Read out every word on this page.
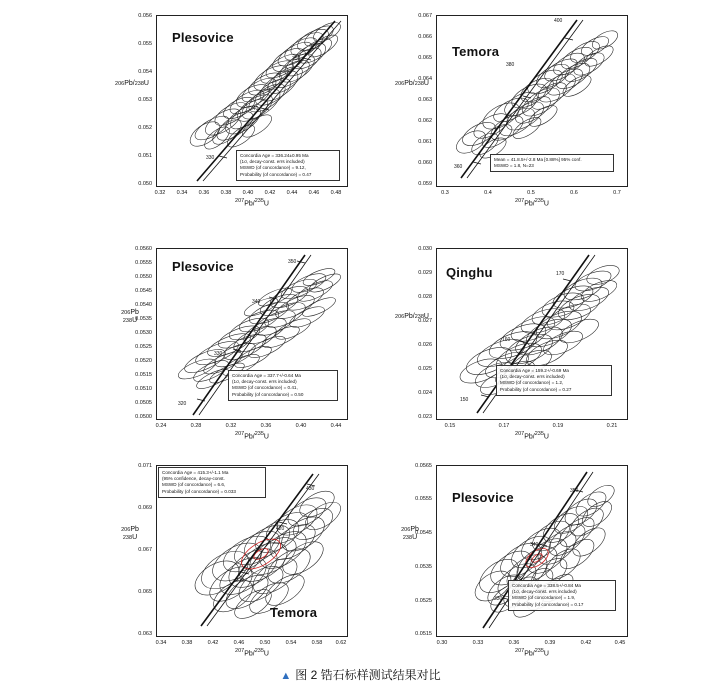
Plesovice
206Pb/238U
$^{207}$Pb/$^{235}$U
0.056
0.055
0.054
0.053
0.052
0.051
0.050
0.32 0.34 0.36 0.38 0.40 0.42 0.44 0.46 0.48
330
340
350
Concordia Age = 336.24±0.95 Ma
(1σ, decay-const. errs included)
MSWD (of concordance) = 9.12,
Probability (of concordance) = 0.47
Temora
206Pb/238U
$^{207}$Pb/$^{235}$U
0.067
0.066
0.065
0.064
0.063
0.062
0.061
0.060
0.059
0.3	0.4	0.5	0.6	0.7
360
380
400
Mean = 41.8.5+/-2.8 Ma [0.88%] 95% conf.
MSWD = 1.8, N=23
Plesovice
206Pb
238U
$^{207}$Pb/$^{235}$U
0.0560
0.0555
0.0550
0.0545
0.0540
0.0535
0.0530
0.0525
0.0520
0.0515
0.0510
0.0505
0.0500
0.24	0.28	0.32	0.36	0.40	0.44
320
330
340
350
Concordia Age = 337.7+/-0.64 Ma
(1σ, decay-const. errs included)
MSWD (of concordance) = 0.41,
Probability (of concordance) = 0.50
Qinghu
206Pb/238U
$^{207}$Pb/$^{235}$U
0.030
0.029
0.028
0.027
0.026
0.025
0.024
0.023
0.15	0.17	0.19	0.21
150
160
170
Concordia Age = 159.2+/-0.69 Ma
(1σ, decay-const. errs included)
MSWD (of concordance) = 1.2,
Probability (of concordance) = 0.27
Temora
206Pb
238U
$^{207}$Pb/$^{235}$U
0.071
0.069
0.067
0.065
0.063
0.34	0.38	0.42	0.46	0.50	0.54	0.58 0.62
410
420
430
Concordia Age = 415.3+/-1.1 Ma
(95% confidence, decay-const.
MSWD (of concordance) = 6.6,
Probability (of concordance) = 0.033	Plesovice
206Pb
238U
$^{207}$Pb/$^{235}$U
0.0565
0.0555
0.0545
0.0535
0.0525
0.0515
0.30	0.33	0.36	0.39	0.42	0.45
330
340
350
Concordia Age = 338.5+/-0.84 Ma
(1σ, decay-const. errs included)
MSWD (of concordance) = 1.9,
Probability (of concordance) = 0.17
▲ 图 2 锆石标样测试结果对比
